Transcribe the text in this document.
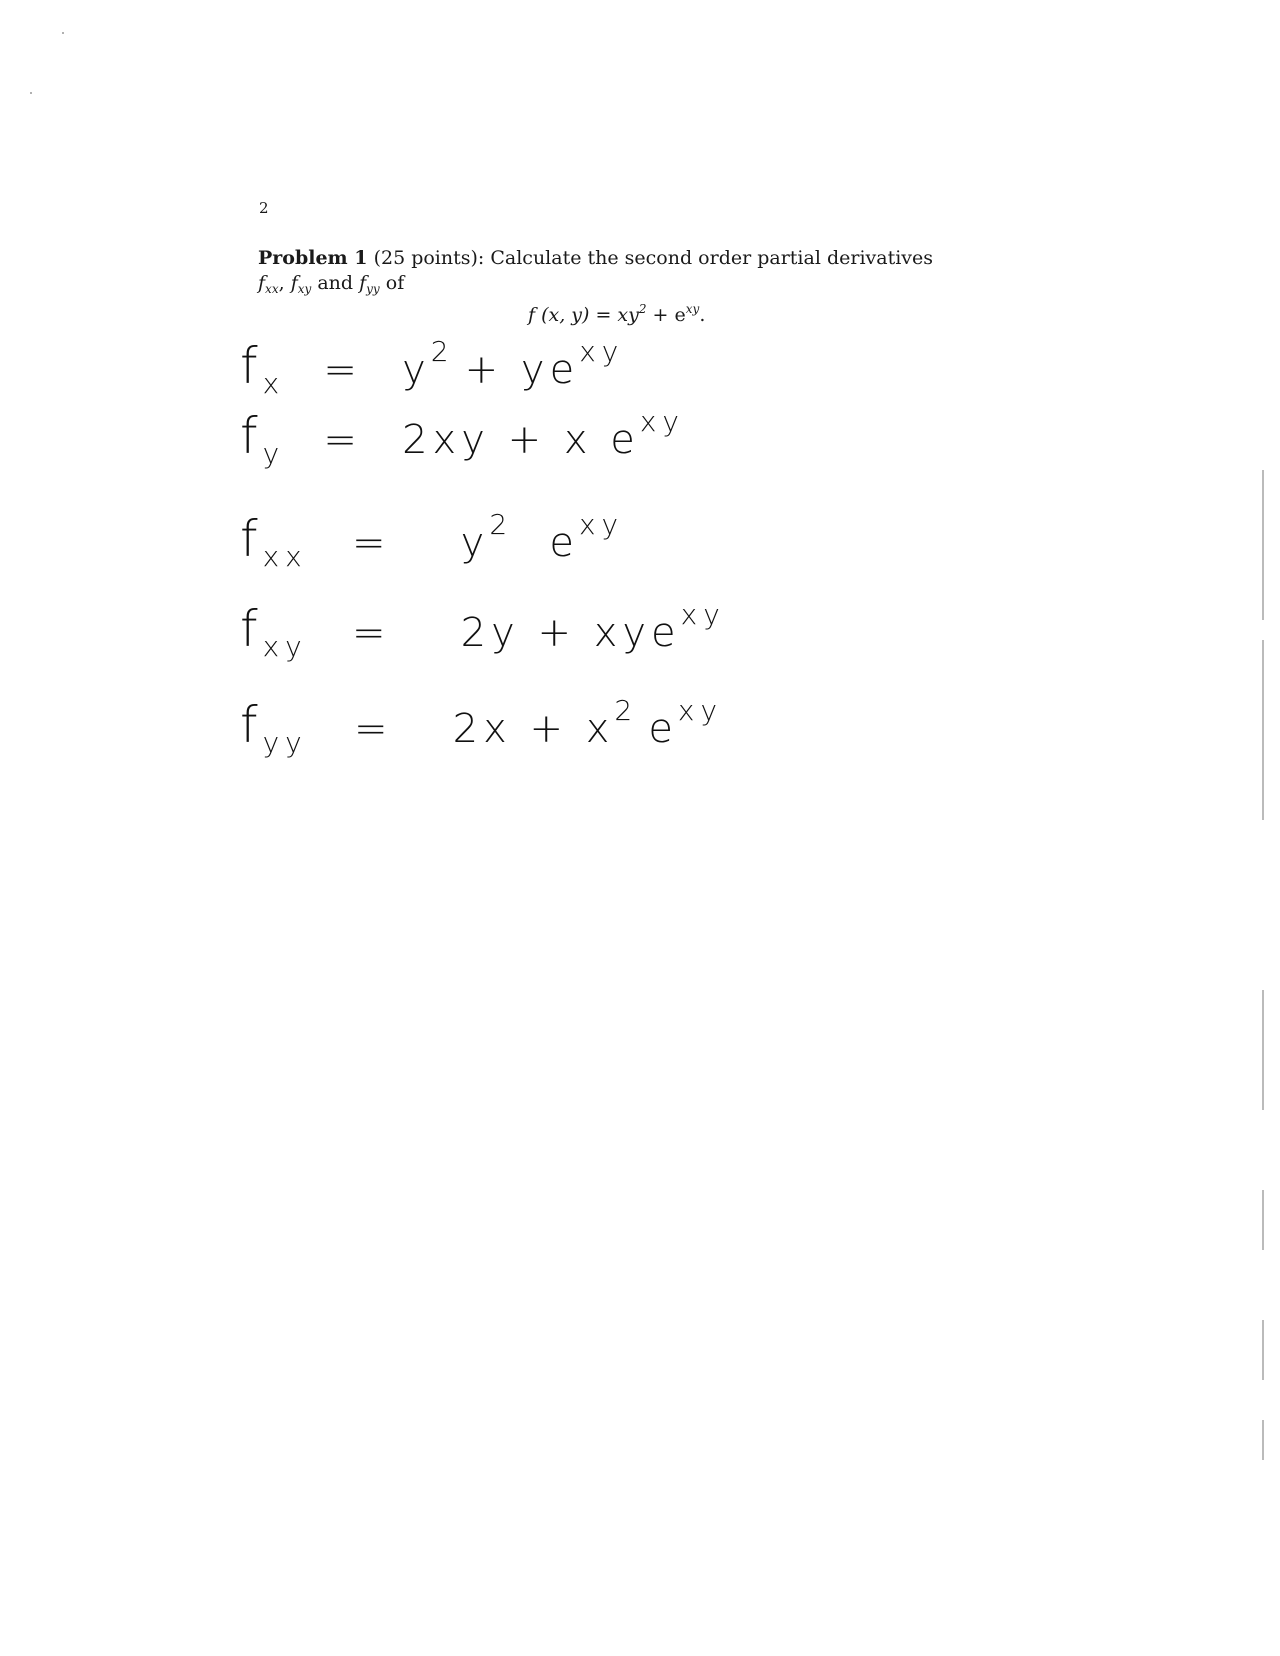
2
Problem 1 (25 points): Calculate the second order partial derivatives
$f_{xx}$, $f_{xy}$ and $f_{yy}$ of
f (x, $y) = xy^2 + e^{xy}$.
fx = y2 + yexy
fy = 2xy + x exy
fxx = y2 exy
fxy = 2y + xyexy
fyy = 2x + x2 exy
